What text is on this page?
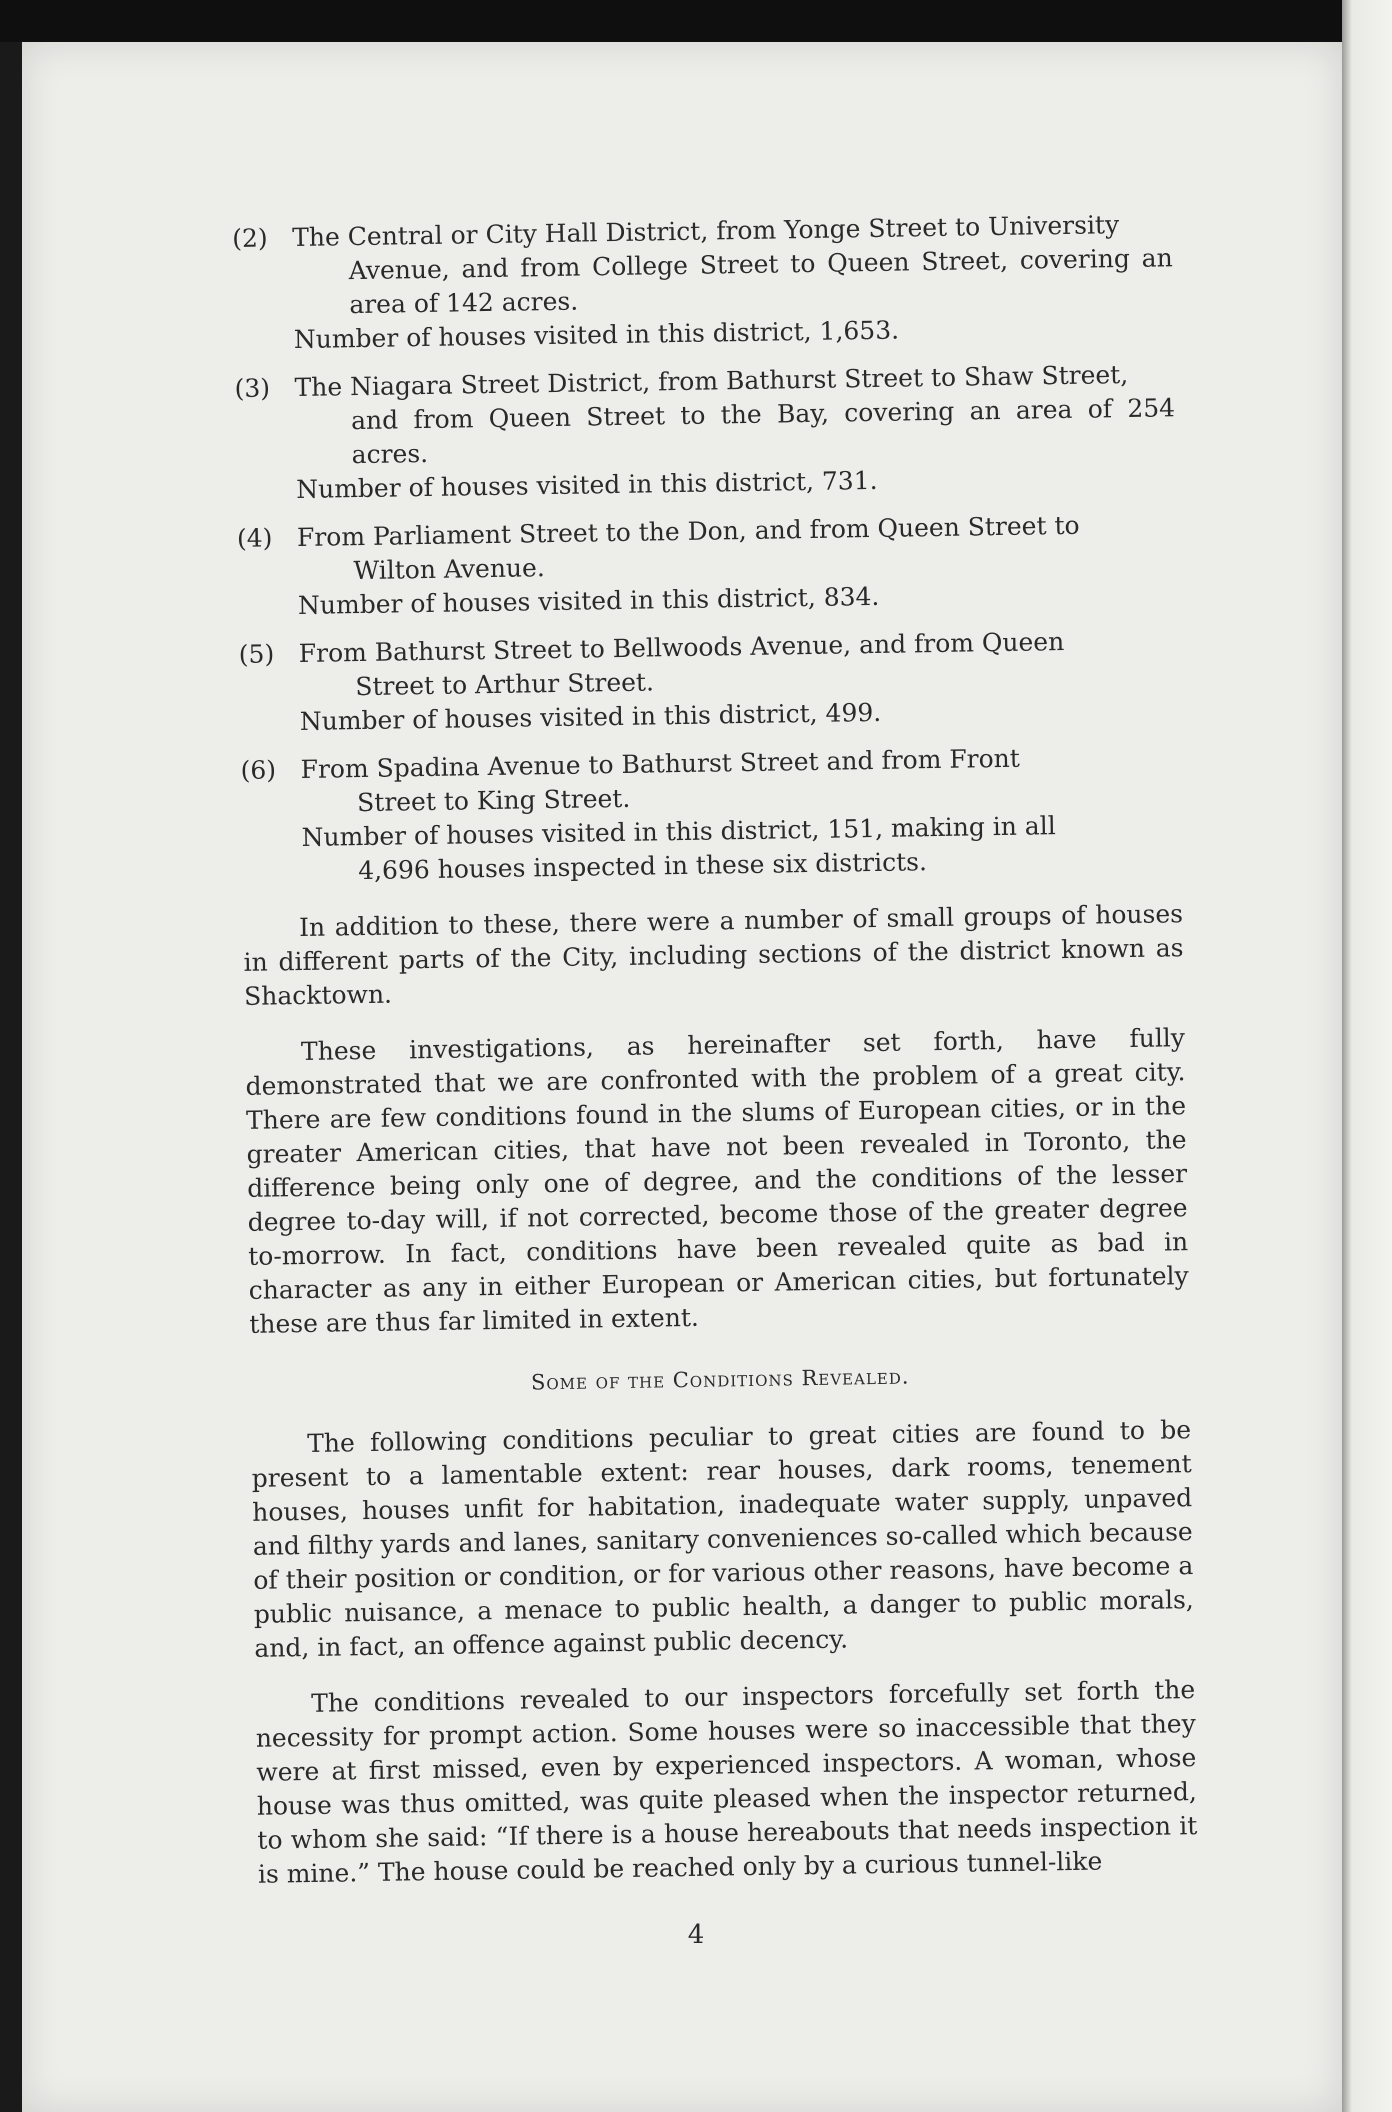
(2) The Central or City Hall District, from Yonge Street to University
Avenue, and from College Street to Queen Street, covering an area of 142 acres.
Number of houses visited in this district, 1,653.
(3) The Niagara Street District, from Bathurst Street to Shaw Street,
and from Queen Street to the Bay, covering an area of 254 acres.
Number of houses visited in this district, 731.
(4) From Parliament Street to the Don, and from Queen Street to
Wilton Avenue.
Number of houses visited in this district, 834.
(5) From Bathurst Street to Bellwoods Avenue, and from Queen
Street to Arthur Street.
Number of houses visited in this district, 499.
(6) From Spadina Avenue to Bathurst Street and from Front
Street to King Street.
Number of houses visited in this district, 151, making in all
4,696 houses inspected in these six districts.

In addition to these, there were a number of small groups of houses in different parts of the City, including sections of the district known as Shacktown.

These investigations, as hereinafter set forth, have fully demonstrated that we are confronted with the problem of a great city. There are few conditions found in the slums of European cities, or in the greater American cities, that have not been revealed in Toronto, the difference being only one of degree, and the conditions of the lesser degree to-day will, if not corrected, become those of the greater degree to-morrow. In fact, conditions have been revealed quite as bad in character as any in either European or American cities, but fortunately these are thus far limited in extent.

Some of the Conditions Revealed.

The following conditions peculiar to great cities are found to be present to a lamentable extent: rear houses, dark rooms, tenement houses, houses unfit for habitation, inadequate water supply, unpaved and filthy yards and lanes, sanitary conveniences so-called which because of their position or condition, or for various other reasons, have become a public nuisance, a menace to public health, a danger to public morals, and, in fact, an offence against public decency.

The conditions revealed to our inspectors forcefully set forth the necessity for prompt action. Some houses were so inaccessible that they were at first missed, even by experienced inspectors. A woman, whose house was thus omitted, was quite pleased when the inspector returned, to whom she said: “If there is a house hereabouts that needs inspection it is mine.” The house could be reached only by a curious tunnel-like

4
